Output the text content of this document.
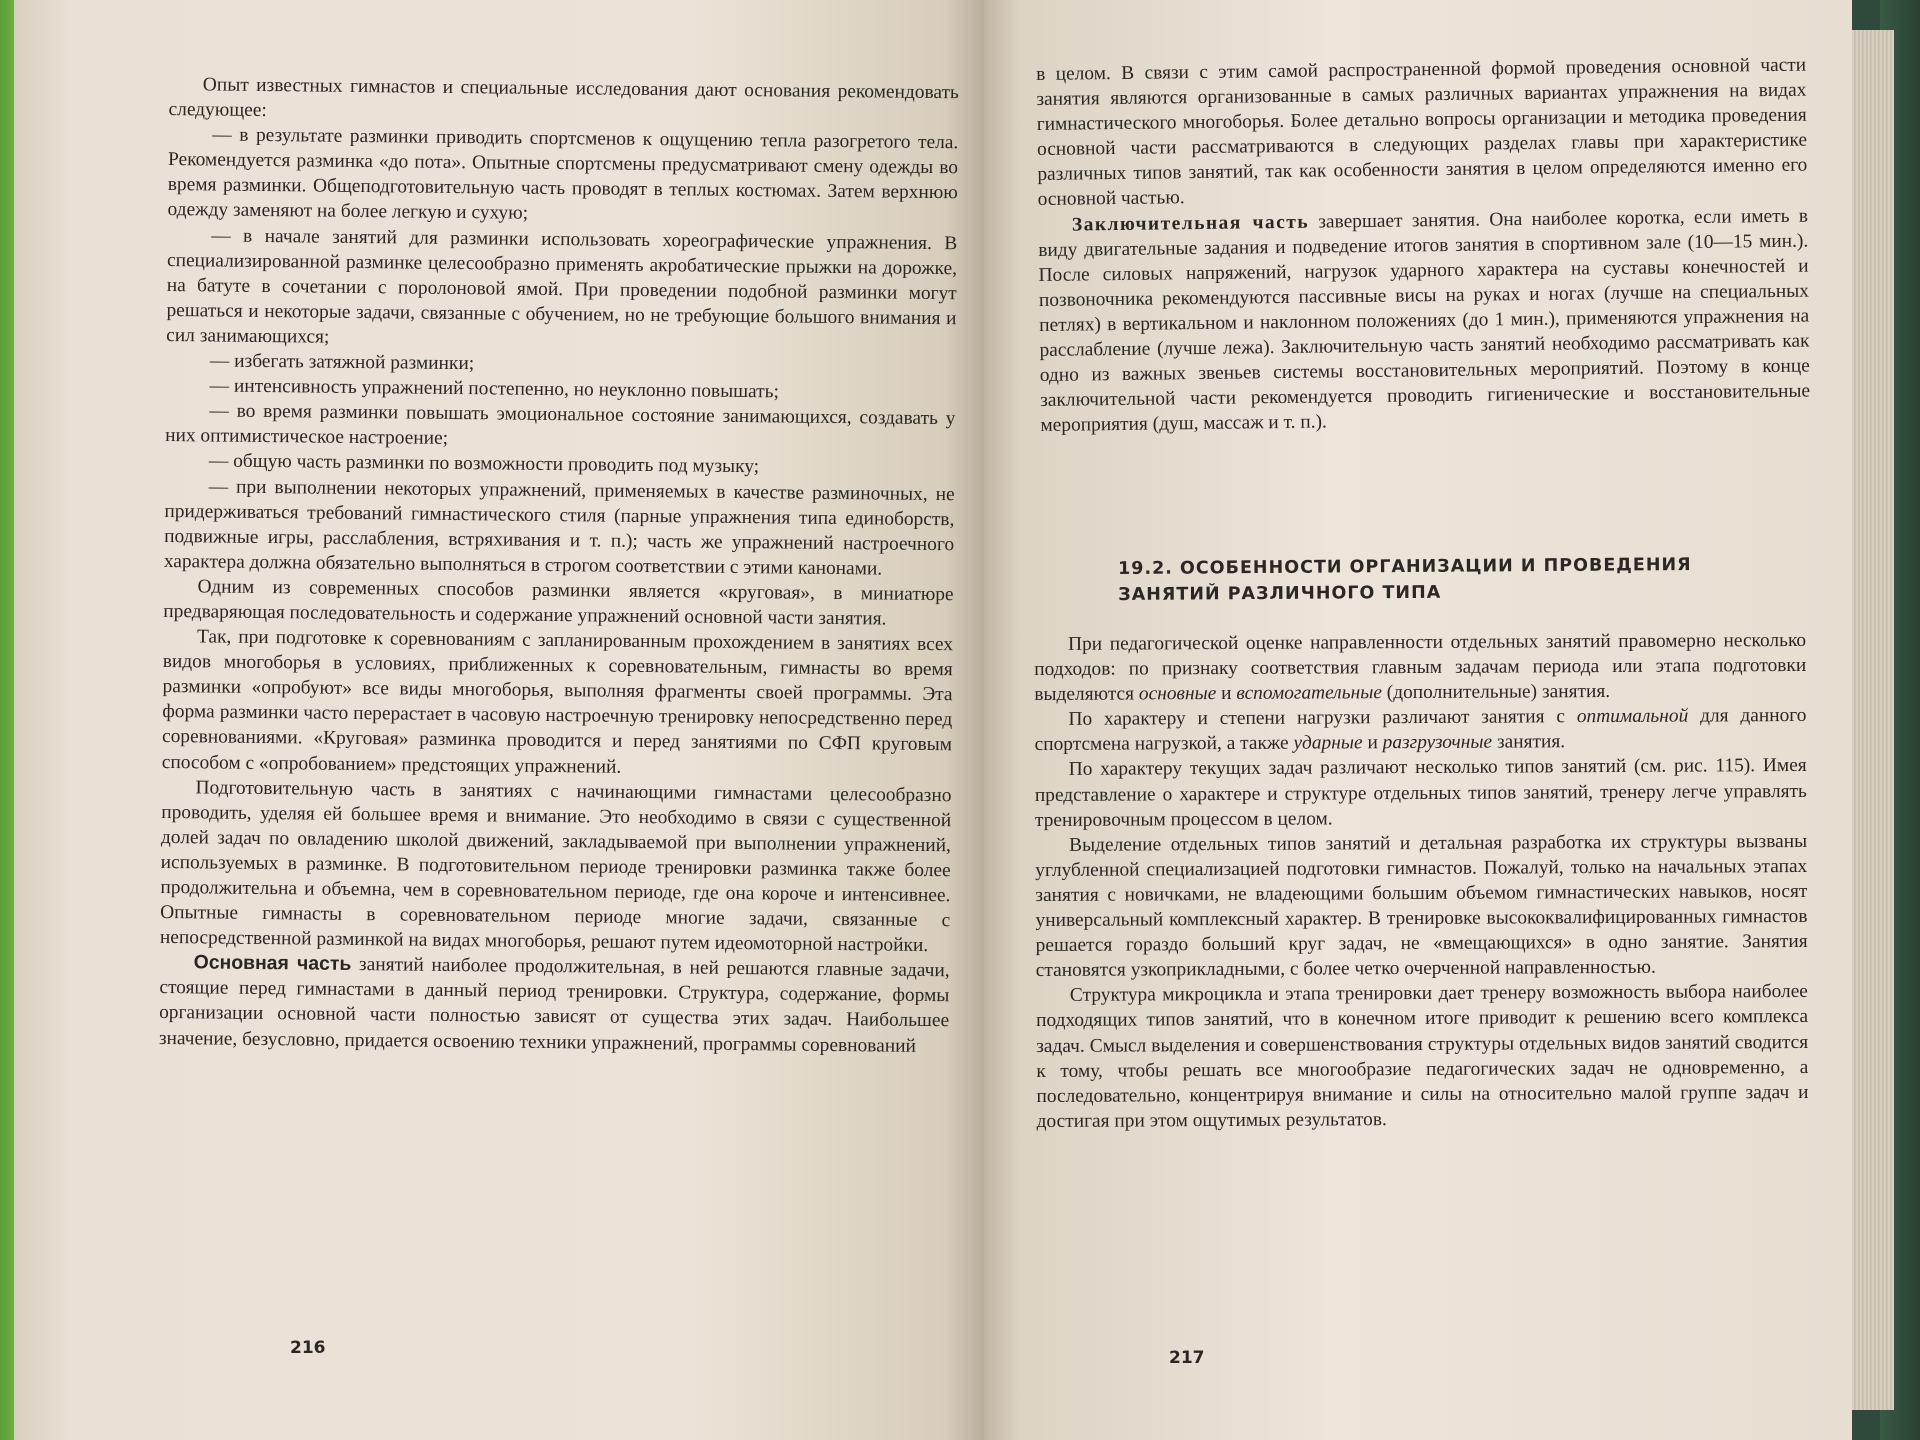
Опыт известных гимнастов и специальные исследования дают основания рекомендовать следующее:

— в результате разминки приводить спортсменов к ощущению теплa разогретого тела. Рекомендуется разминка «до пота». Опытные спортсмены предусматривают смену одежды во время разминки. Общеподготовительную часть проводят в теплых костюмах. Затем верхнюю одежду заменяют на более легкую и сухую;

— в начале занятий для разминки использовать хореографические упражнения. В специализированной разминке целесообразно применять акробатические прыжки на дорожке, на батуте в сочетании с поролоновой ямой. При проведении подобной разминки могут решаться и некоторые задачи, связанные с обучением, но не требующие большого внимания и сил занимающихся;

— избегать затяжной разминки;

— интенсивность упражнений постепенно, но неуклонно повышать;

— во время разминки повышать эмоциональное состояние занимающихся, создавать у них оптимистическое настроение;

— общую часть разминки по возможности проводить под музыку;

— при выполнении некоторых упражнений, применяемых в качестве разминочных, не придерживаться требований гимнастического стиля (парные упражнения типа единоборств, подвижные игры, расслабления, встряхивания и т. п.); часть же упражнений настроечного характера должна обязательно выполняться в строгом соответствии с этими канонами.

Одним из современных способов разминки является «круговая», в миниатюре предваряющая последовательность и содержание упражнений основной части занятия.

Так, при подготовке к соревнованиям с запланированным прохождением в занятиях всех видов многоборья в условиях, приближенных к соревновательным, гимнасты во время разминки «опробуют» все виды многоборья, выполняя фрагменты своей программы. Эта форма разминки часто перерастает в часовую настроечную тренировку непосредственно перед соревнованиями. «Круговая» разминка проводится и перед занятиями по СФП круговым способом с «опробованием» предстоящих упражнений.

Подготовительную часть в занятиях с начинающими гимнастами целесообразно проводить, уделяя ей большее время и внимание. Это необходимо в связи с существенной долей задач по овладению школой движений, закладываемой при выполнении упражнений, используемых в разминке. В подготовительном периоде тренировки разминка также более продолжительна и объемна, чем в соревновательном периоде, где она короче и интенсивнее. Опытные гимнасты в соревновательном периоде многие задачи, связанные с непосредственной разминкой на видах многоборья, решают путем идеомоторной настройки.

Основная часть занятий наиболее продолжительная, в ней решаются главные задачи, стоящие перед гимнастами в данный период тренировки. Структура, содержание, формы организации основной части полностью зависят от существа этих задач. Наибольшее значение, безусловно, придается освоению техники упражнений, программы соревнований

216

в целом. В связи с этим самой распространенной формой проведения основной части занятия являются организованные в самых различных вариантах упражнения на видах гимнастического многоборья. Более детально вопросы организации и методика проведения основной части рассматриваются в следующих разделах главы при характеристике различных типов занятий, так как особенности занятия в целом определяются именно его основной частью.

Заключительная часть завершает занятия. Она наиболее коротка, если иметь в виду двигательные задания и подведение итогов занятия в спортивном зале (10—15 мин.). После силовых напряжений, нагрузок ударного характера на суставы конечностей и позвоночника рекомендуются пассивные висы на руках и ногах (лучше на специальных петлях) в вертикальном и наклонном положениях (до 1 мин.), применяются упражнения на расслабление (лучше лежа). Заключительную часть занятий необходимо рассматривать как одно из важных звеньев системы восстановительных мероприятий. Поэтому в конце заключительной части рекомендуется проводить гигиенические и восстановительные мероприятия (душ, массаж и т. п.).

19.2. ОСОБЕННОСТИ ОРГАНИЗАЦИИ И ПРОВЕДЕНИЯ
ЗАНЯТИЙ РАЗЛИЧНОГО ТИПА

При педагогической оценке направленности отдельных занятий правомерно несколько подходов: по признаку соответствия главным задачам периода или этапа подготовки выделяются основные и вспомогательные (дополнительные) занятия.

По характеру и степени нагрузки различают занятия с оптимальной для данного спортсмена нагрузкой, а также ударные и разгрузочные занятия.

По характеру текущих задач различают несколько типов занятий (см. рис. 115). Имея представление о характере и структуре отдельных типов занятий, тренеру легче управлять тренировочным процессом в целом.

Выделение отдельных типов занятий и детальная разработка их структуры вызваны углубленной специализацией подготовки гимнастов. Пожалуй, только на начальных этапах занятия с новичками, не владеющими большим объемом гимнастических навыков, носят универсальный комплексный характер. В тренировке высококвалифицированных гимнастов решается гораздо больший круг задач, не «вмещающихся» в одно занятие. Занятия становятся узкоприкладными, с более четко очерченной направленностью.

Структура микроцикла и этапа тренировки дает тренеру возможность выбора наиболее подходящих типов занятий, что в конечном итоге приводит к решению всего комплекса задач. Смысл выделения и совершенствования структуры отдельных видов занятий сводится к тому, чтобы решать все многообразие педагогических задач не одновременно, а последовательно, концентрируя внимание и силы на относительно малой группе задач и достигая при этом ощутимых результатов.

217
